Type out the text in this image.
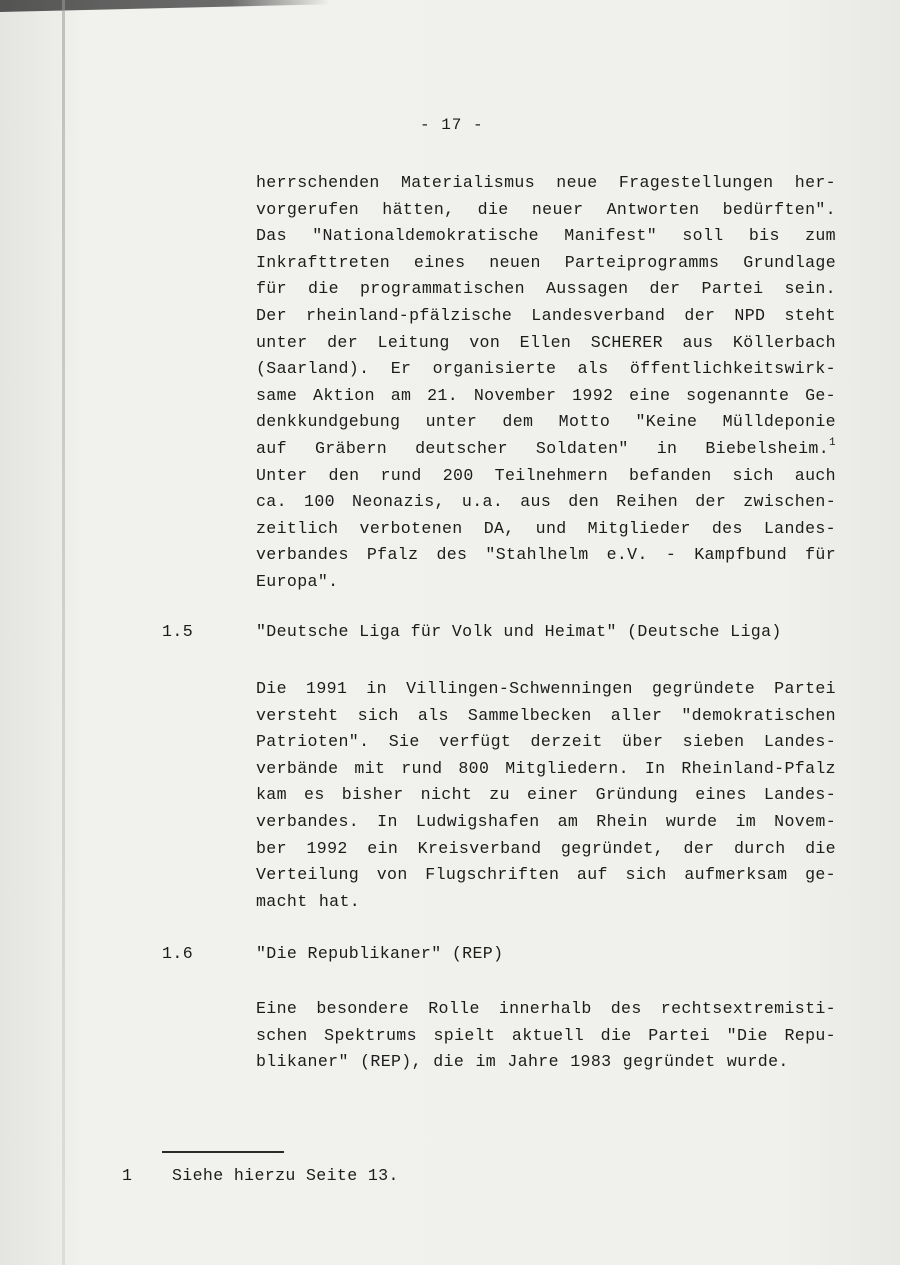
- 17 -
herrschenden Materialismus neue Fragestellungen her-
vorgerufen hätten, die neuer Antworten bedürften".
Das "Nationaldemokratische Manifest" soll bis zum
Inkrafttreten eines neuen Parteiprogramms Grundlage
für die programmatischen Aussagen der Partei sein.
Der rheinland-pfälzische Landesverband der NPD steht
unter der Leitung von Ellen SCHERER aus Köllerbach
(Saarland). Er organisierte als öffentlichkeitswirk-
same Aktion am 21. November 1992 eine sogenannte Ge-
denkkundgebung unter dem Motto "Keine Mülldeponie
auf Gräbern deutscher Soldaten" in Biebelsheim.$^1$
Unter den rund 200 Teilnehmern befanden sich auch
ca. 100 Neonazis, u.a. aus den Reihen der zwischen-
zeitlich verbotenen DA, und Mitglieder des Landes-
verbandes Pfalz des "Stahlhelm e.V. - Kampfbund für
Europa".
1.5	"Deutsche Liga für Volk und Heimat" (Deutsche Liga)
Die 1991 in Villingen-Schwenningen gegründete Partei
versteht sich als Sammelbecken aller "demokratischen
Patrioten". Sie verfügt derzeit über sieben Landes-
verbände mit rund 800 Mitgliedern. In Rheinland-Pfalz
kam es bisher nicht zu einer Gründung eines Landes-
verbandes. In Ludwigshafen am Rhein wurde im Novem-
ber 1992 ein Kreisverband gegründet, der durch die
Verteilung von Flugschriften auf sich aufmerksam ge-
macht hat.
1.6	"Die Republikaner" (REP)
Eine besondere Rolle innerhalb des rechtsextremisti-
schen Spektrums spielt aktuell die Partei "Die Repu-
blikaner" (REP), die im Jahre 1983 gegründet wurde.
1 Siehe hierzu Seite 13.
